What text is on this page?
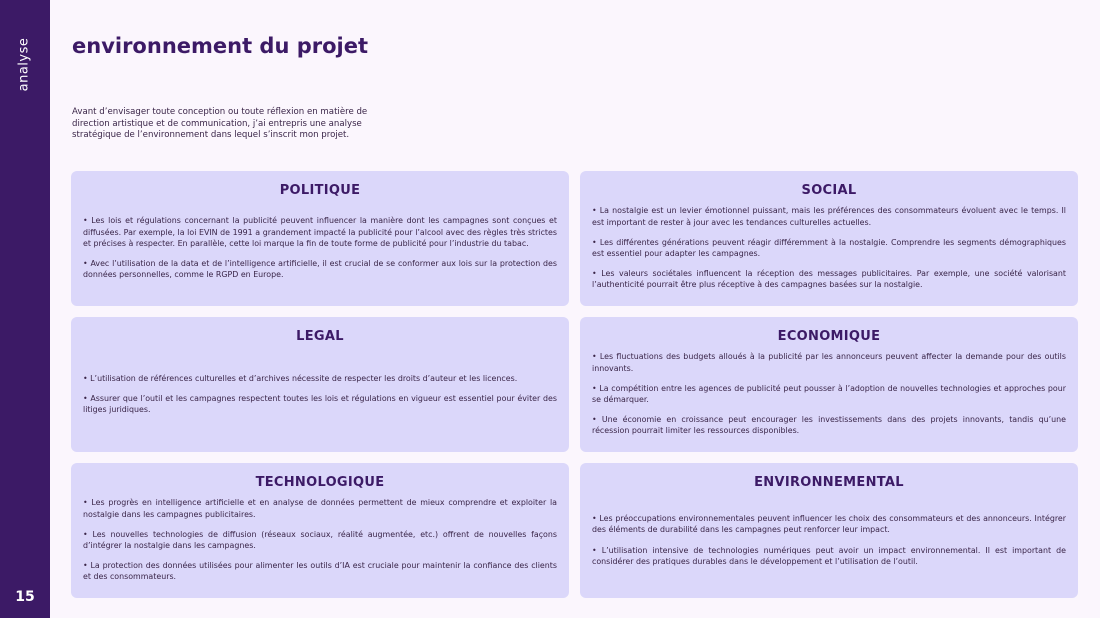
analyse
15
environnement du projet

Avant d’envisager toute conception ou toute réflexion en matière de direction artistique et de communication, j’ai entrepris une analyse stratégique de l’environnement dans lequel s’inscrit mon projet.

POLITIQUE

• Les lois et régulations concernant la publicité peuvent influencer la manière dont les campagnes sont conçues et diffusées. Par exemple, la loi EVIN de 1991 a grandement impacté la publicité pour l’alcool avec des règles très strictes et précises à respecter. En parallèle, cette loi marque la fin de toute forme de publicité pour l’industrie du tabac.

• Avec l’utilisation de la data et de l’intelligence artificielle, il est crucial de se conformer aux lois sur la protection des données personnelles, comme le RGPD en Europe.

SOCIAL

• La nostalgie est un levier émotionnel puissant, mais les préférences des consommateurs évoluent avec le temps. Il est important de rester à jour avec les tendances culturelles actuelles.

• Les différentes générations peuvent réagir différemment à la nostalgie. Comprendre les segments démographiques est essentiel pour adapter les campagnes.

• Les valeurs sociétales influencent la réception des messages publicitaires. Par exemple, une société valorisant l’authenticité pourrait être plus réceptive à des campagnes basées sur la nostalgie.

LEGAL

• L’utilisation de références culturelles et d’archives nécessite de respecter les droits d’auteur et les licences.

• Assurer que l’outil et les campagnes respectent toutes les lois et régulations en vigueur est essentiel pour éviter des litiges juridiques.

ECONOMIQUE

• Les fluctuations des budgets alloués à la publicité par les annonceurs peuvent affecter la demande pour des outils innovants.

• La compétition entre les agences de publicité peut pousser à l’adoption de nouvelles technologies et approches pour se démarquer.

• Une économie en croissance peut encourager les investissements dans des projets innovants, tandis qu’une récession pourrait limiter les ressources disponibles.

TECHNOLOGIQUE

• Les progrès en intelligence artificielle et en analyse de données permettent de mieux comprendre et exploiter la nostalgie dans les campagnes publicitaires.

• Les nouvelles technologies de diffusion (réseaux sociaux, réalité augmentée, etc.) offrent de nouvelles façons d’intégrer la nostalgie dans les campagnes.

• La protection des données utilisées pour alimenter les outils d’IA est cruciale pour maintenir la confiance des clients et des consommateurs.

ENVIRONNEMENTAL

• Les préoccupations environnementales peuvent influencer les choix des consommateurs et des annonceurs. Intégrer des éléments de durabilité dans les campagnes peut renforcer leur impact.

• L’utilisation intensive de technologies numériques peut avoir un impact environnemental. Il est important de considérer des pratiques durables dans le développement et l’utilisation de l’outil.
